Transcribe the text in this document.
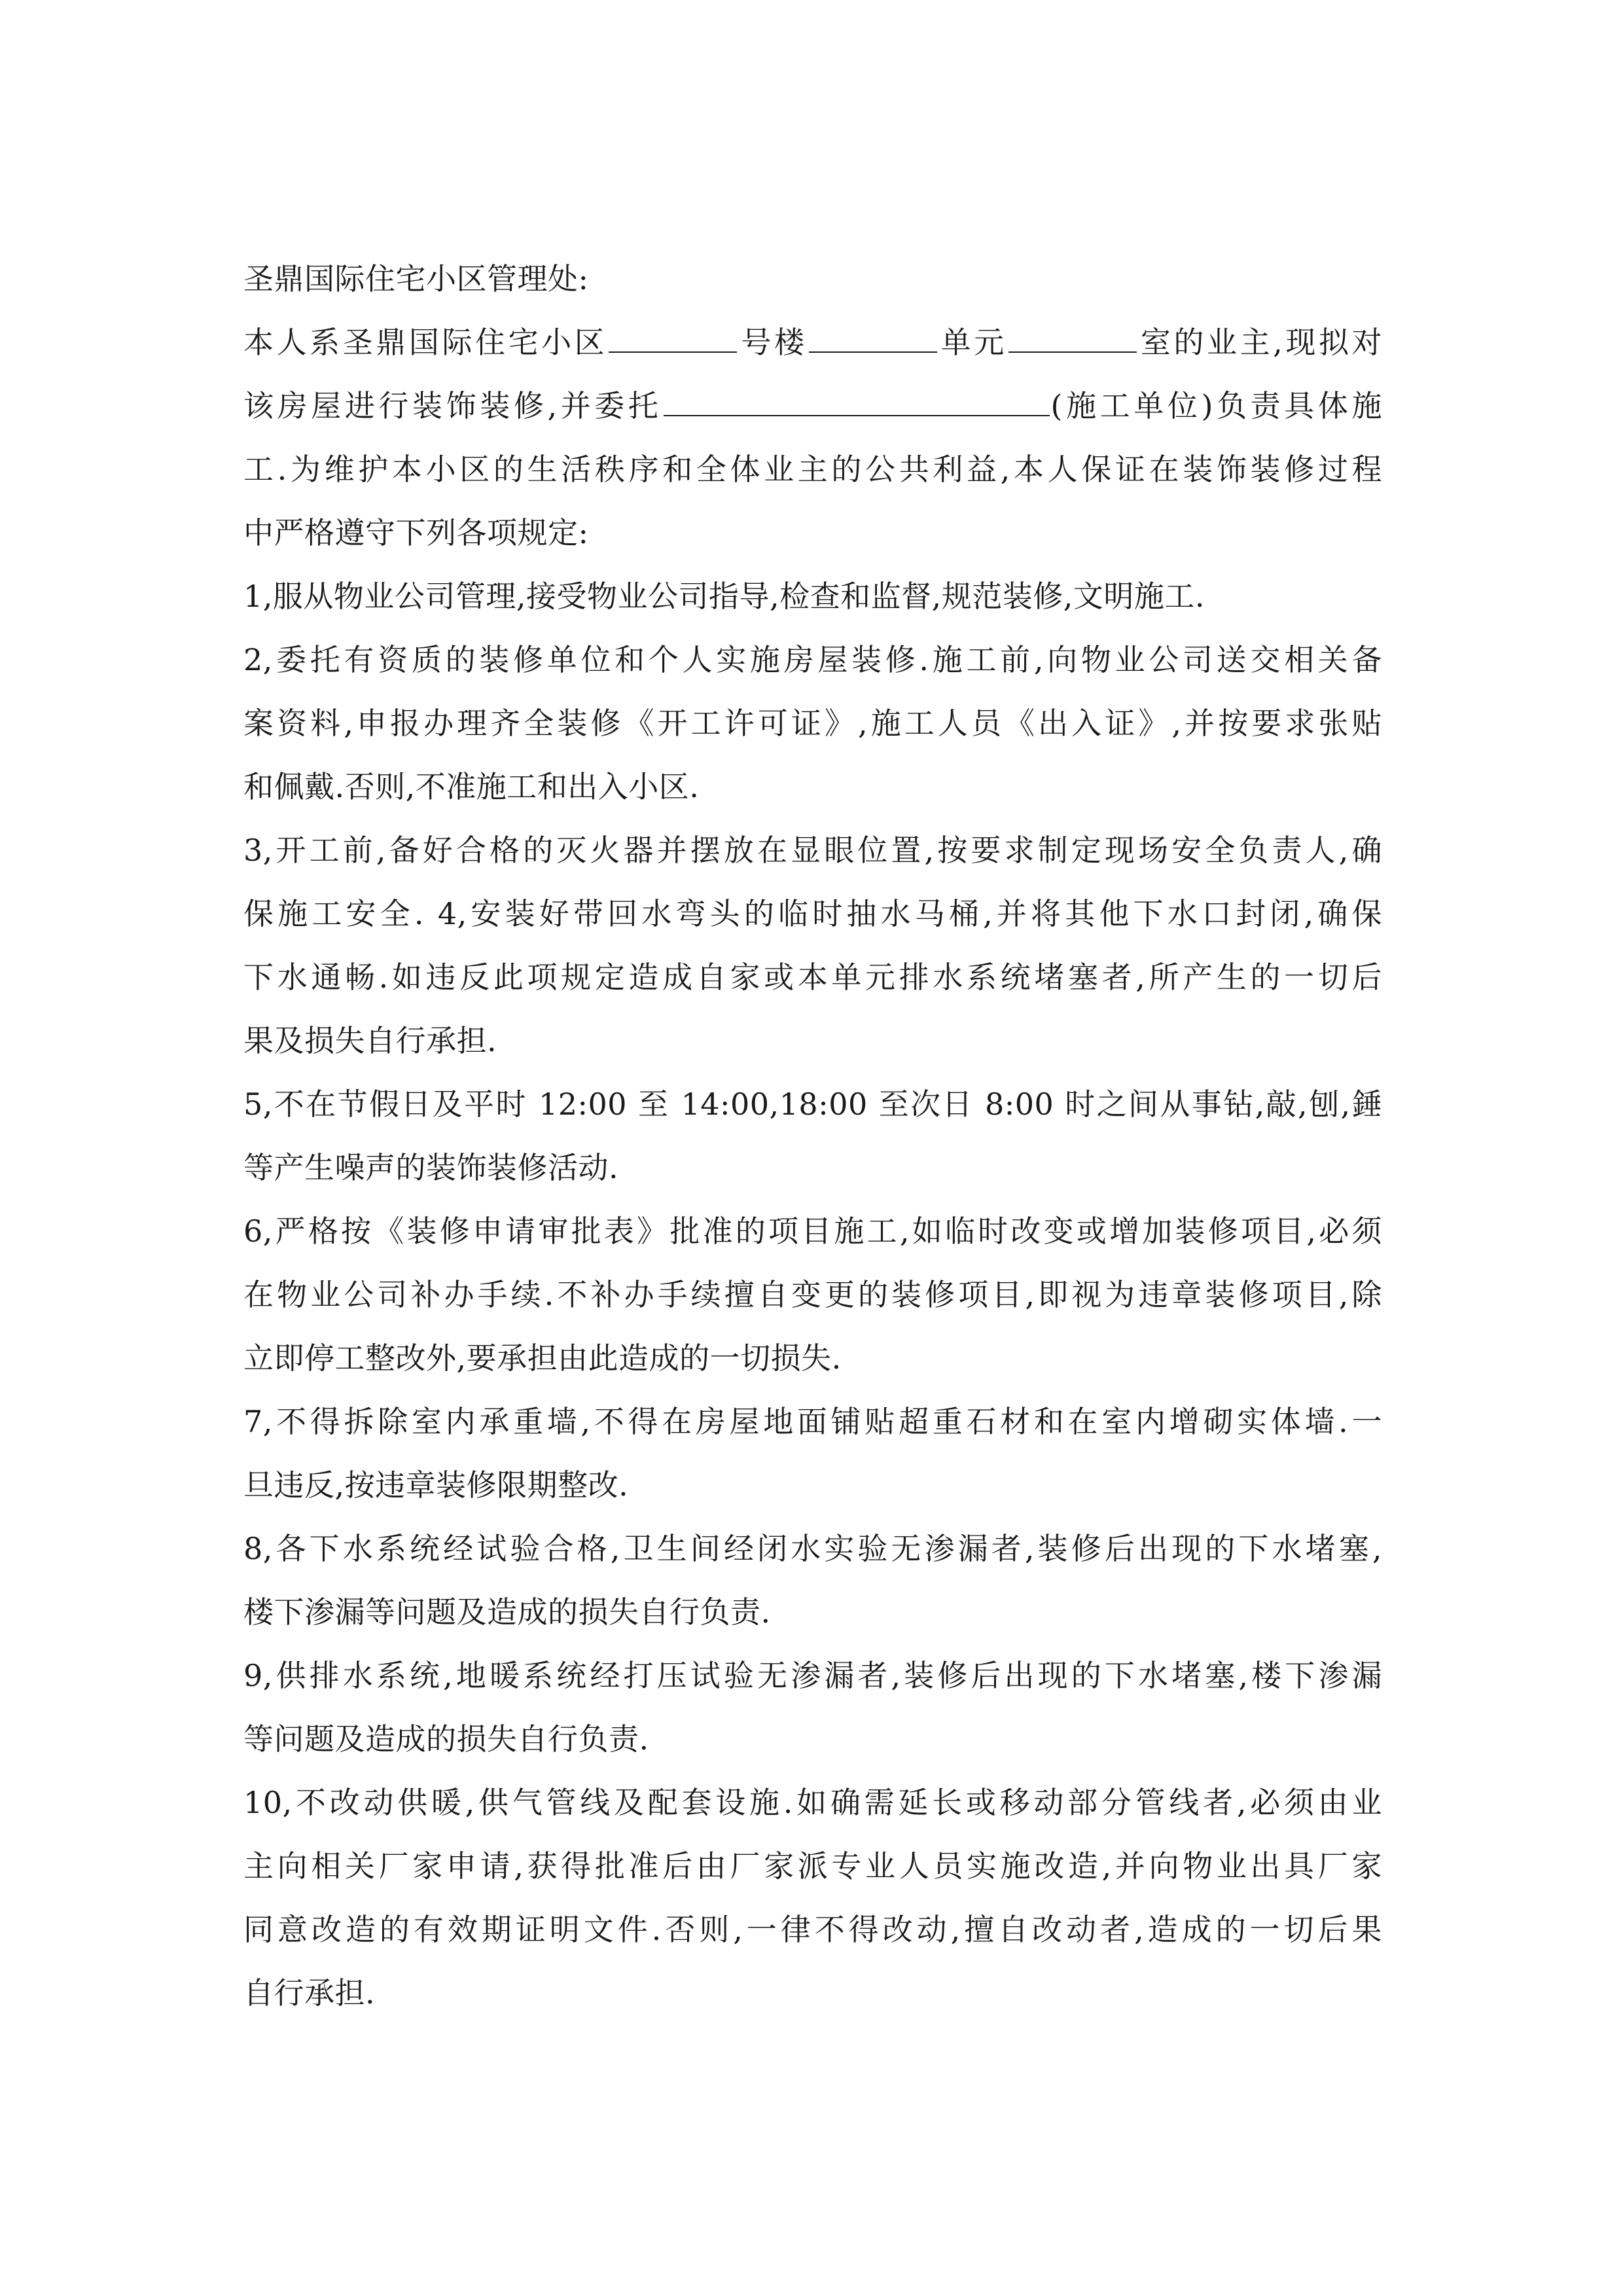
圣鼎国际住宅小区管理处:
本人系圣鼎国际住宅小区	号楼	单元	室的业主,现拟对
该房屋进行装饰装修,并委托	(施工单位)负责具体施
工.为维护本小区的生活秩序和全体业主的公共利益,本人保证在装饰装修过程
中严格遵守下列各项规定:
1,服从物业公司管理,接受物业公司指导,检查和监督,规范装修,文明施工.
2,委托有资质的装修单位和个人实施房屋装修.施工前,向物业公司送交相关备
案资料,申报办理齐全装修《开工许可证》,施工人员《出入证》,并按要求张贴
和佩戴.否则,不准施工和出入小区.
3,开工前,备好合格的灭火器并摆放在显眼位置,按要求制定现场安全负责人,确
保施工安全. 4,安装好带回水弯头的临时抽水马桶,并将其他下水口封闭,确保
下水通畅.如违反此项规定造成自家或本单元排水系统堵塞者,所产生的一切后
果及损失自行承担.
5,不在节假日及平时 12:00 至 14:00,18:00 至次日 8:00 时之间从事钻,敲,刨,錘
等产生噪声的装饰装修活动.
6,严格按《装修申请审批表》批准的项目施工,如临时改变或增加装修项目,必须
在物业公司补办手续.不补办手续擅自变更的装修项目,即视为违章装修项目,除
立即停工整改外,要承担由此造成的一切损失.
7,不得拆除室内承重墙,不得在房屋地面铺贴超重石材和在室内增砌实体墙.一
旦违反,按违章装修限期整改.
8,各下水系统经试验合格,卫生间经闭水实验无渗漏者,装修后出现的下水堵塞,
楼下渗漏等问题及造成的损失自行负责.
9,供排水系统,地暖系统经打压试验无渗漏者,装修后出现的下水堵塞,楼下渗漏
等问题及造成的损失自行负责.
10,不改动供暖,供气管线及配套设施.如确需延长或移动部分管线者,必须由业
主向相关厂家申请,获得批准后由厂家派专业人员实施改造,并向物业出具厂家
同意改造的有效期证明文件.否则,一律不得改动,擅自改动者,造成的一切后果
自行承担.
